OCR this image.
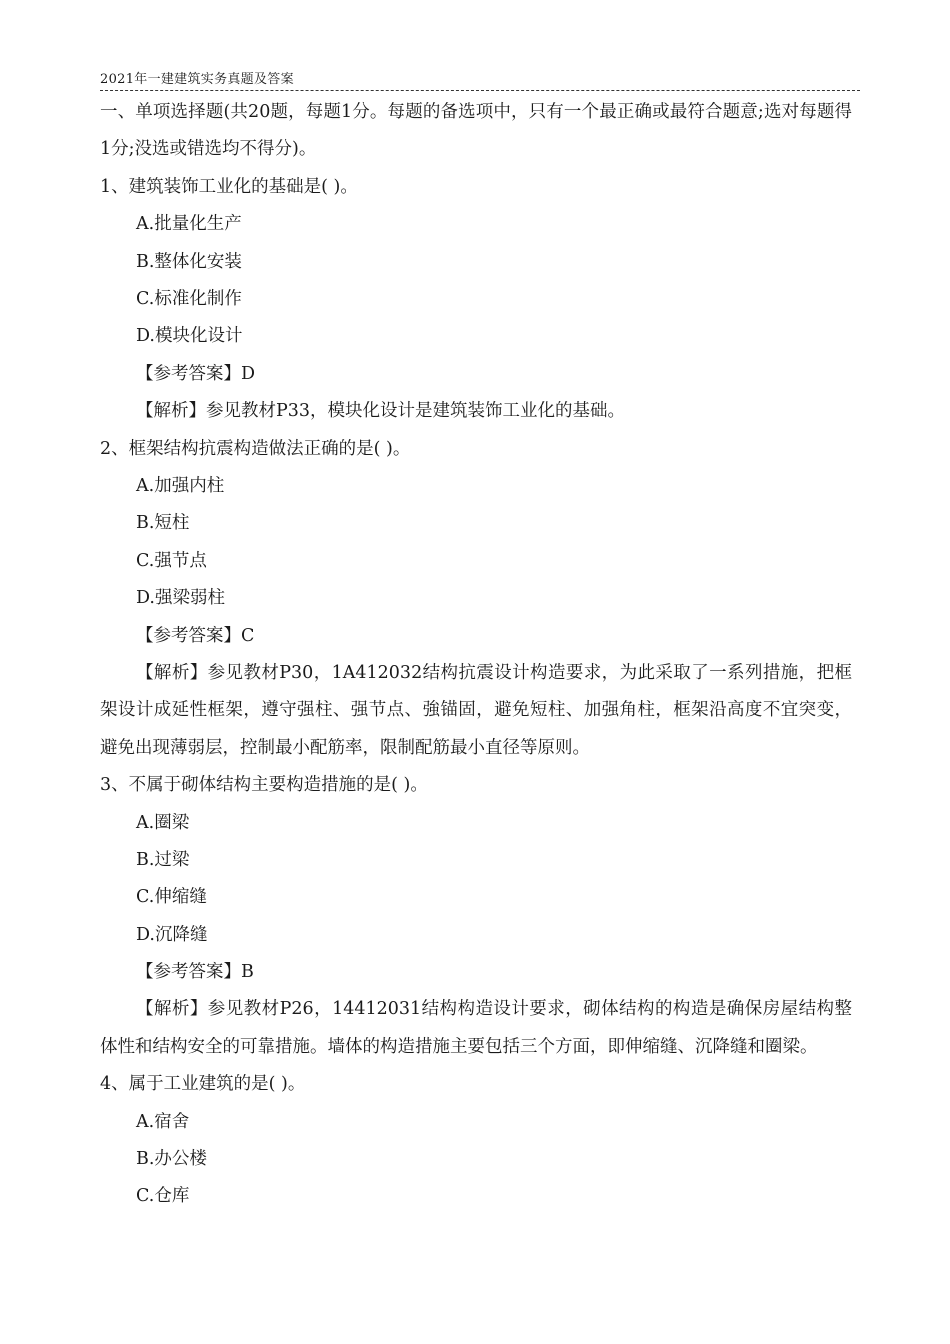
2021年一建建筑实务真题及答案
一、单项选择题(共20题，每题1分。每题的备选项中，只有一个最正确或最符合题意;选对每题得1分;没选或错选均不得分)。
1、建筑装饰工业化的基础是( )。
A.批量化生产
B.整体化安装
C.标准化制作
D.模块化设计
【参考答案】D
【解析】参见教材P33，模块化设计是建筑装饰工业化的基础。
2、框架结构抗震构造做法正确的是( )。
A.加强内柱
B.短柱
C.强节点
D.强梁弱柱
【参考答案】C
【解析】参见教材P30，1A412032结构抗震设计构造要求，为此采取了一系列措施，把框架设计成延性框架，遵守强柱、强节点、強锚固，避免短柱、加强角柱，框架沿高度不宜突变，避免出现薄弱层，控制最小配筋率，限制配筋最小直径等原则。
3、不属于砌体结构主要构造措施的是( )。
A.圈梁
B.过梁
C.伸缩缝
D.沉降缝
【参考答案】B
【解析】参见教材P26，14412031结构构造设计要求，砌体结构的构造是确保房屋结构整体性和结构安全的可靠措施。墙体的构造措施主要包括三个方面，即伸缩缝、沉降缝和圈梁。
4、属于工业建筑的是( )。
A.宿舍
B.办公楼
C.仓库
